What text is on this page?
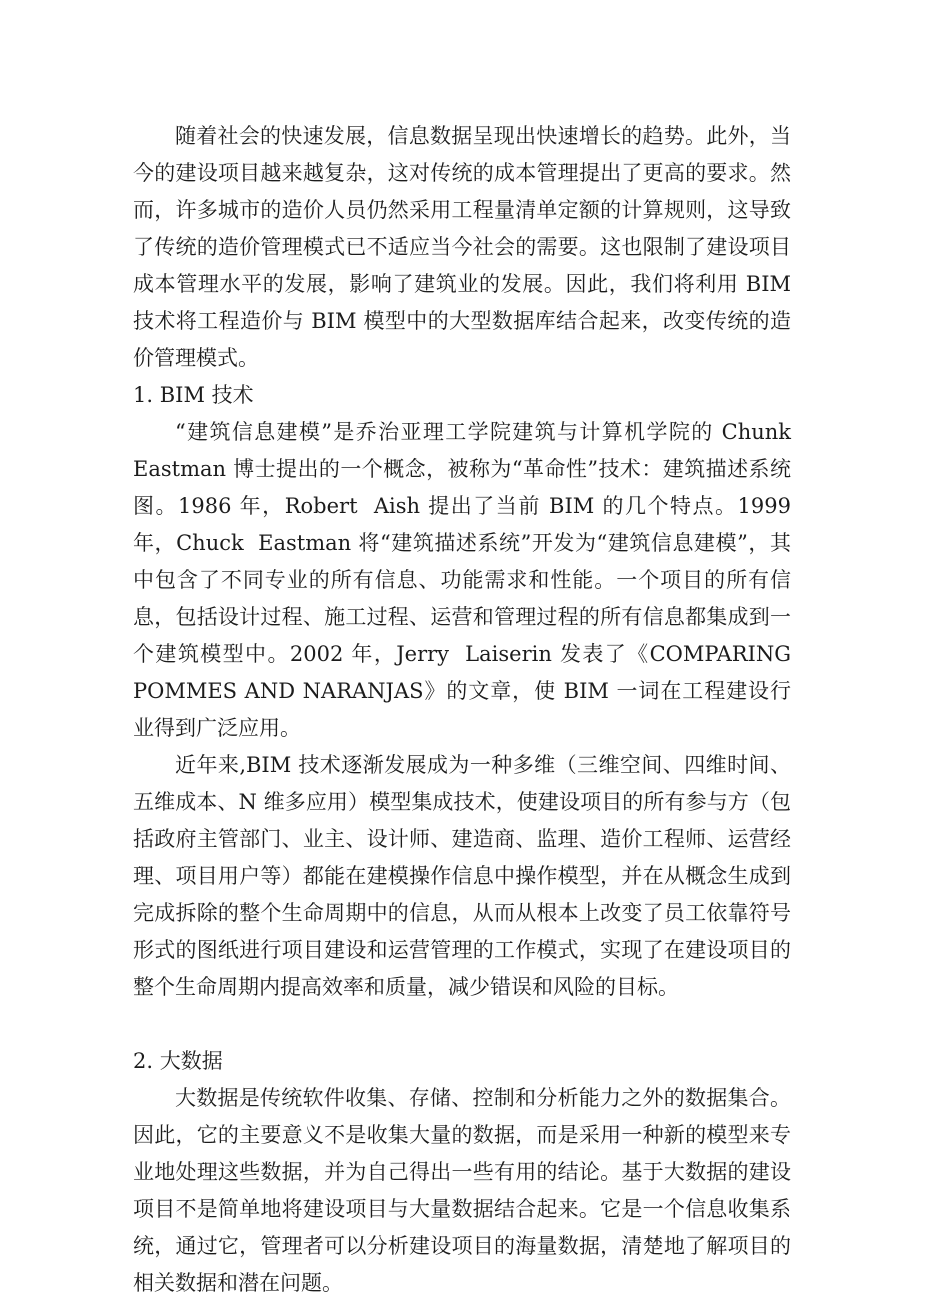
随着社会的快速发展，信息数据呈现出快速增长的趋势。此外，当今的建设项目越来越复杂，这对传统的成本管理提出了更高的要求。然而，许多城市的造价人员仍然采用工程量清单定额的计算规则，这导致了传统的造价管理模式已不适应当今社会的需要。这也限制了建设项目成本管理水平的发展，影响了建筑业的发展。因此，我们将利用 BIM 技术将工程造价与 BIM 模型中的大型数据库结合起来，改变传统的造价管理模式。

1. BIM 技术

“建筑信息建模”是乔治亚理工学院建筑与计算机学院的 Chunk  Eastman 博士提出的一个概念，被称为“革命性”技术：建筑描述系统图。1986 年，Robert  Aish 提出了当前 BIM 的几个特点。1999 年，Chuck  Eastman 将“建筑描述系统”开发为“建筑信息建模”，其中包含了不同专业的所有信息、功能需求和性能。一个项目的所有信息，包括设计过程、施工过程、运营和管理过程的所有信息都集成到一个建筑模型中。2002 年，Jerry  Laiserin 发表了《COMPARING POMMES AND NARANJAS》的文章，使 BIM 一词在工程建设行业得到广泛应用。

近年来,BIM 技术逐渐发展成为一种多维（三维空间、四维时间、五维成本、N 维多应用）模型集成技术，使建设项目的所有参与方（包括政府主管部门、业主、设计师、建造商、监理、造价工程师、运营经理、项目用户等）都能在建模操作信息中操作模型，并在从概念生成到完成拆除的整个生命周期中的信息，从而从根本上改变了员工依靠符号形式的图纸进行项目建设和运营管理的工作模式，实现了在建设项目的整个生命周期内提高效率和质量，减少错误和风险的目标。

2. 大数据

大数据是传统软件收集、存储、控制和分析能力之外的数据集合。因此，它的主要意义不是收集大量的数据，而是采用一种新的模型来专业地处理这些数据，并为自己得出一些有用的结论。基于大数据的建设项目不是简单地将建设项目与大量数据结合起来。它是一个信息收集系统，通过它，管理者可以分析建设项目的海量数据，清楚地了解项目的相关数据和潜在问题。
